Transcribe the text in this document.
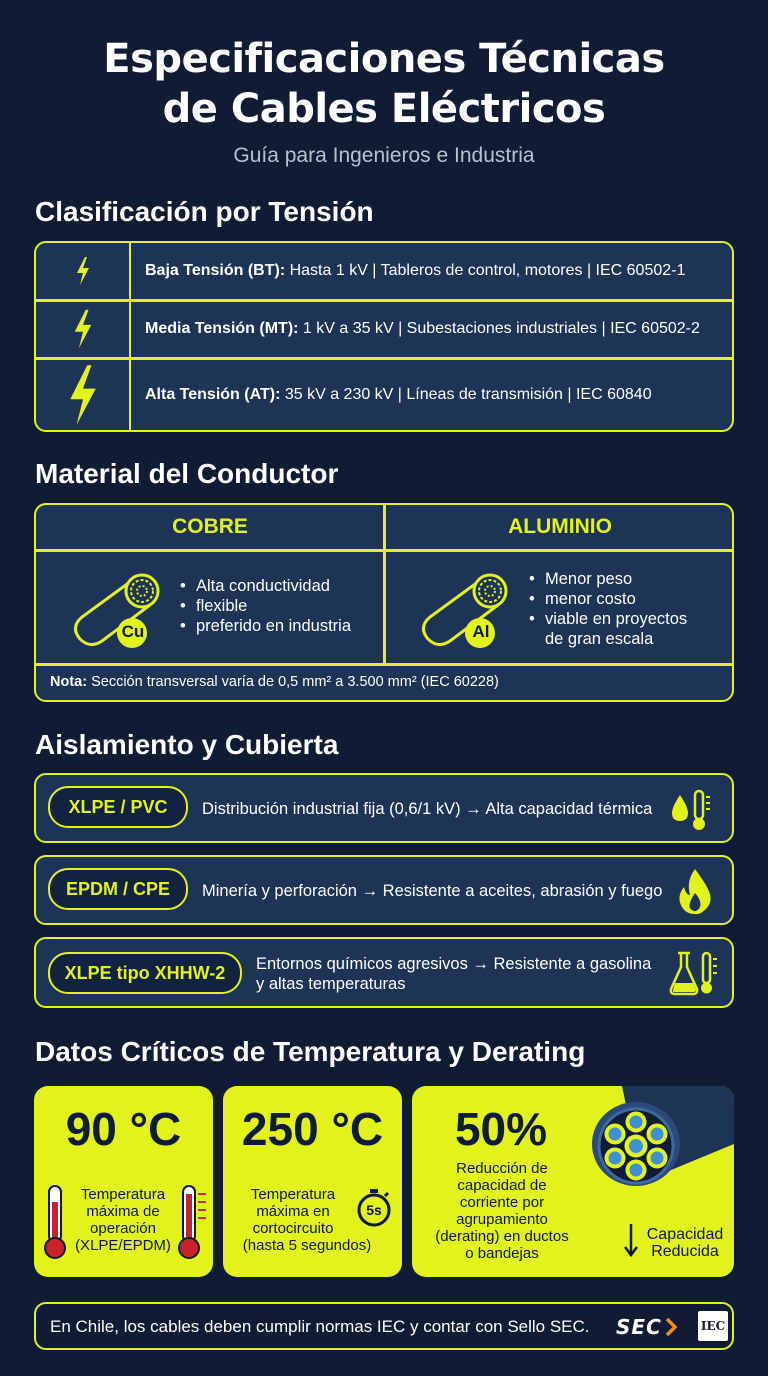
Especificaciones Técnicas
de Cables Eléctricos
Guía para Ingenieros e Industria
Clasificación por Tensión
Baja Tensión (BT): Hasta 1 kV | Tableros de control, motores | IEC 60502-1
Media Tensión (MT): 1 kV a 35 kV | Subestaciones industriales | IEC 60502-2
Alta Tensión (AT): 35 kV a 230 kV | Líneas de transmisión | IEC 60840
Material del Conductor
COBRE	ALUMINIO
Cu
• Alta conductividad
• flexible
• preferido en industria	Al
• Menor peso
• menor costo
• viable en proyectos
de gran escala
Nota: Sección transversal varía de 0,5 mm² a 3.500 mm² (IEC 60228)
Aislamiento y Cubierta
XLPE / PVC	Distribución industrial fija (0,6/1 kV) → Alta capacidad térmica
EPDM / CPE	Minería y perforación → Resistente a aceites, abrasión y fuego
XLPE tipo XHHW-2	Entornos químicos agresivos → Resistente a gasolina
y altas temperaturas
Datos Críticos de Temperatura y Derating
90 °C
Temperatura
máxima de
operación
(XLPE/EPDM)
250 °C
Temperatura
máxima en
cortocircuito
(hasta 5 segundos)
5s
50%
Reducción de
capacidad de
corriente por
agrupamiento
(derating) en ductos
o bandejas
Capacidad
Reducida
En Chile, los cables deben cumplir normas IEC y contar con Sello SEC. SEC	IEC
